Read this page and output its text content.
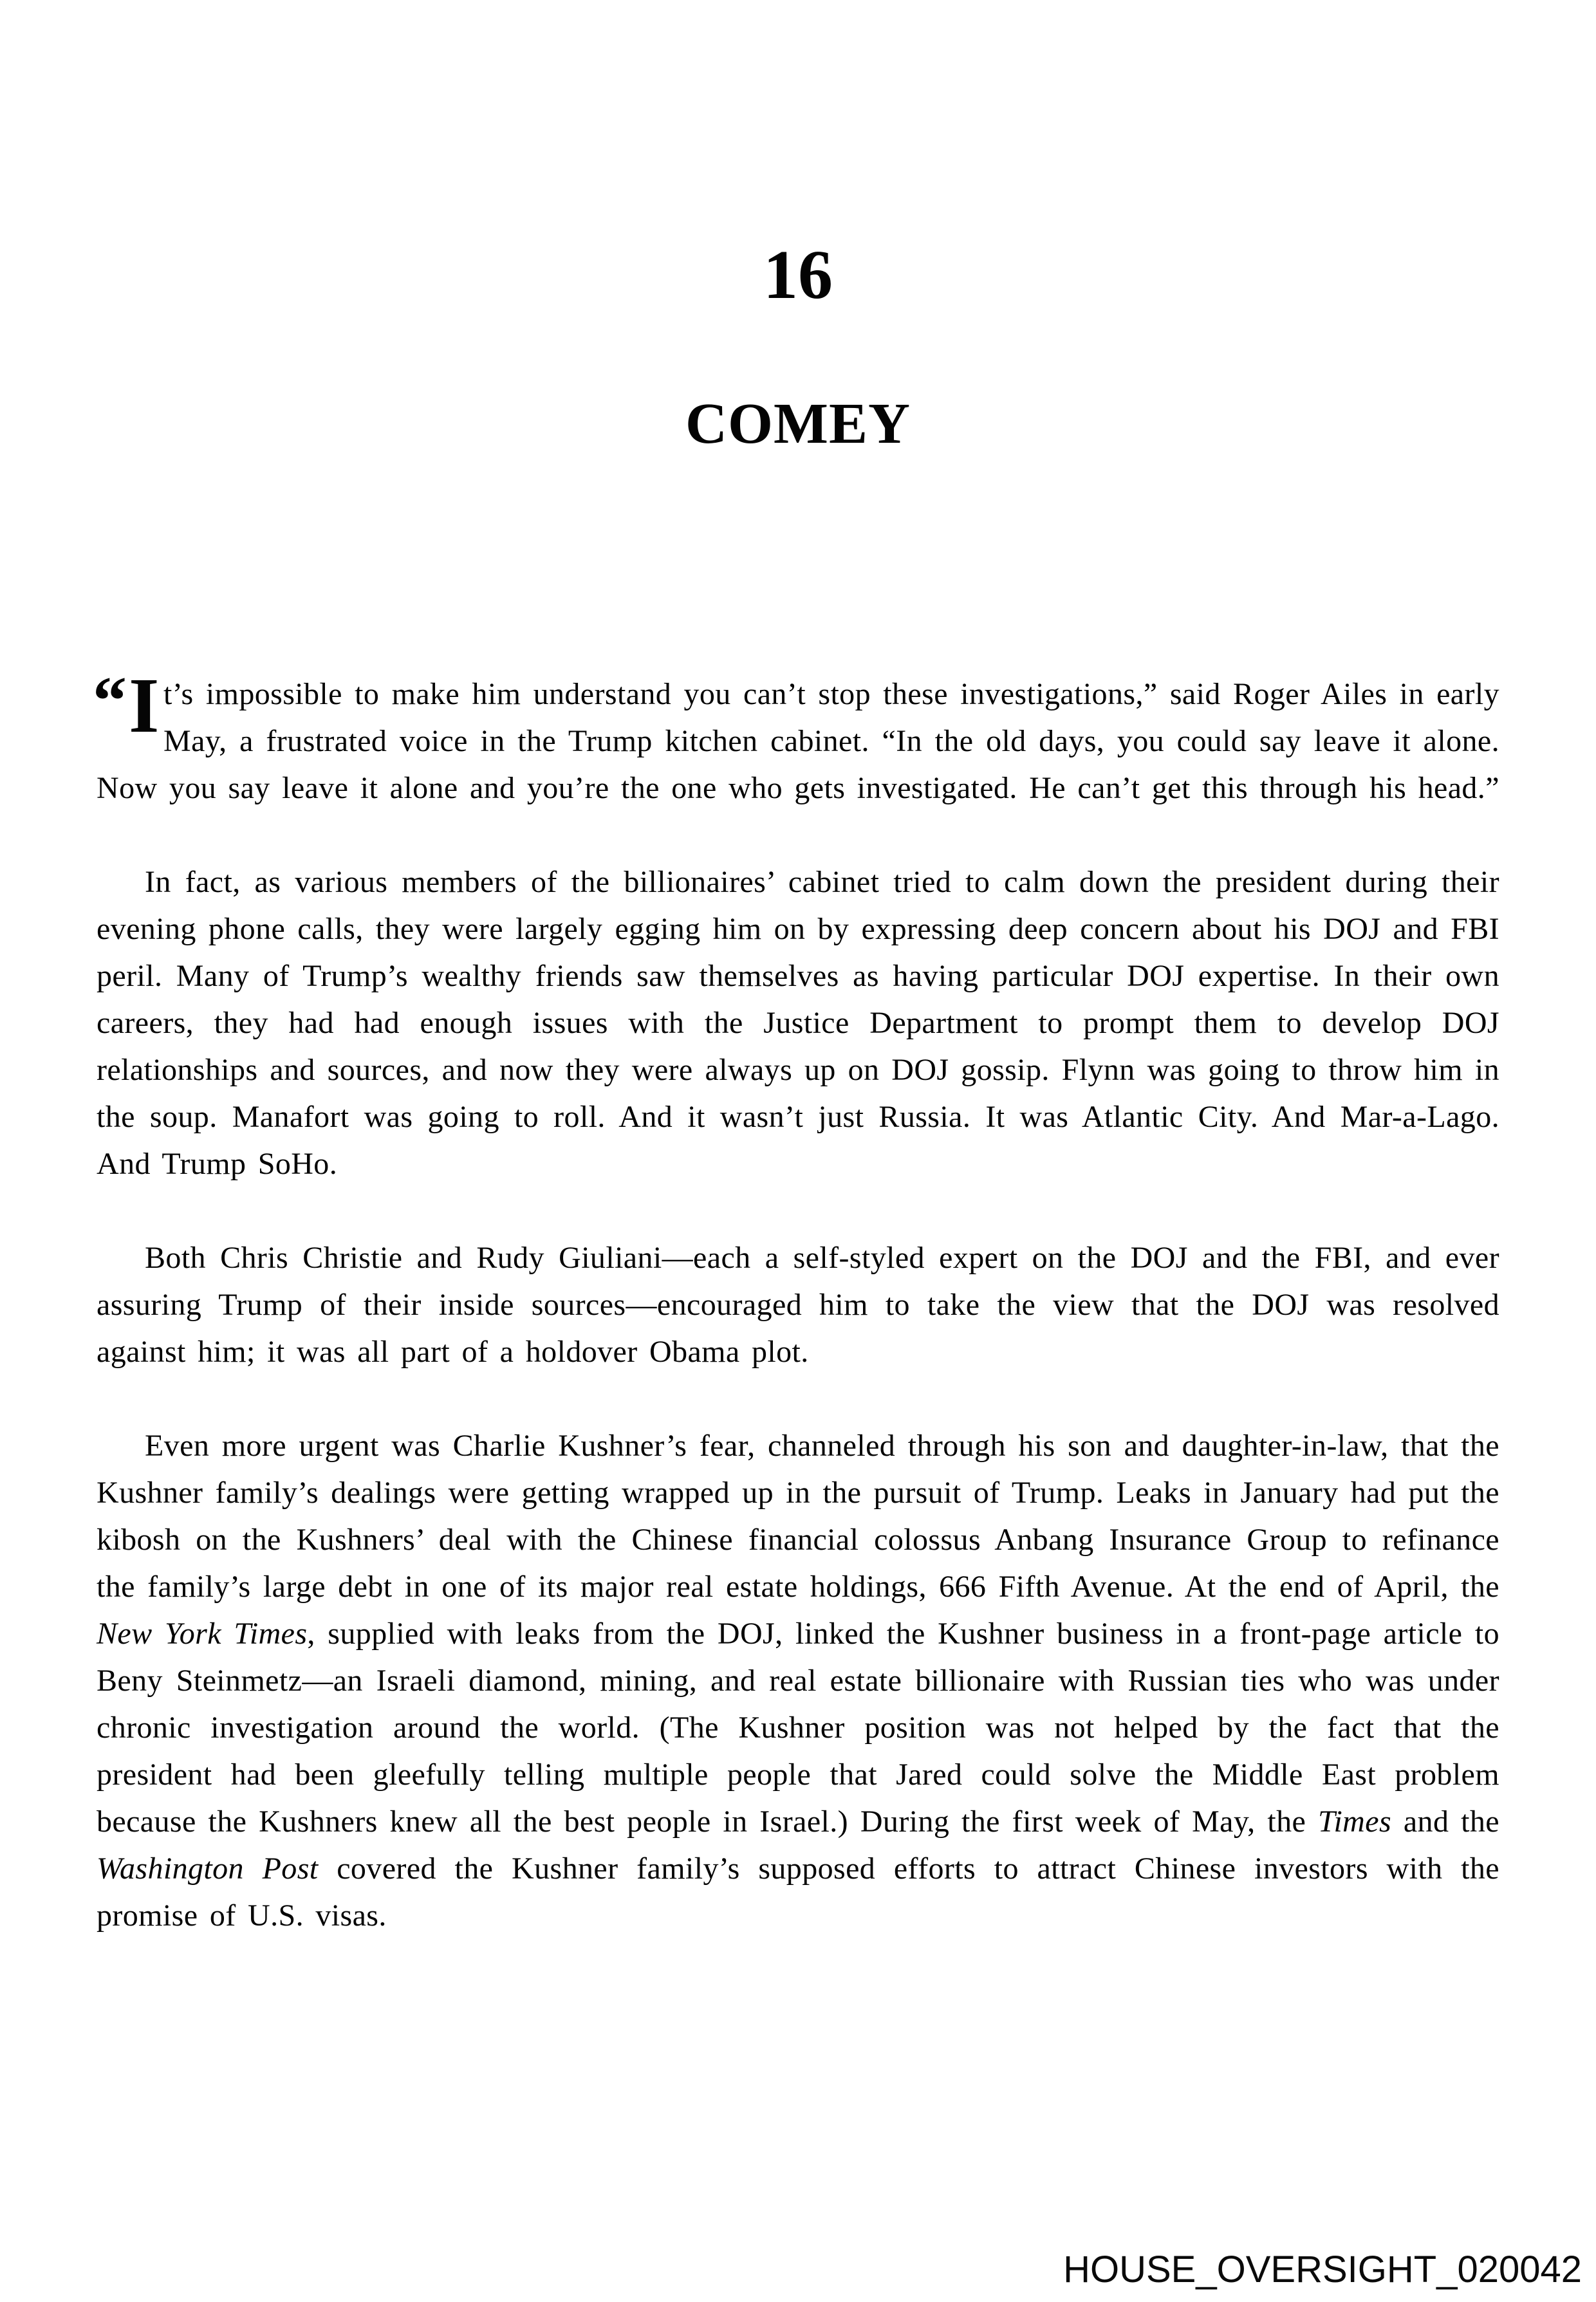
16
COMEY

“ I t’s impossible to make him understand you can’t stop these investigations,” said Roger Ailes in early May, a frustrated voice in the Trump kitchen cabinet. “In the old days, you could say leave it alone. Now you say leave it alone and you’re the one who gets investigated. He can’t get this through his head.”

In fact, as various members of the billionaires’ cabinet tried to calm down the president during their evening phone calls, they were largely egging him on by expressing deep concern about his DOJ and FBI peril. Many of Trump’s wealthy friends saw themselves as having particular DOJ expertise. In their own careers, they had had enough issues with the Justice Department to prompt them to develop DOJ relationships and sources, and now they were always up on DOJ gossip. Flynn was going to throw him in the soup. Manafort was going to roll. And it wasn’t just Russia. It was Atlantic City. And Mar-a-Lago. And Trump SoHo.

Both Chris Christie and Rudy Giuliani—each a self-styled expert on the DOJ and the FBI, and ever assuring Trump of their inside sources—encouraged him to take the view that the DOJ was resolved against him; it was all part of a holdover Obama plot.

Even more urgent was Charlie Kushner’s fear, channeled through his son and daughter-in-law, that the Kushner family’s dealings were getting wrapped up in the pursuit of Trump. Leaks in January had put the kibosh on the Kushners’ deal with the Chinese financial colossus Anbang Insurance Group to refinance the family’s large debt in one of its major real estate holdings, 666 Fifth Avenue. At the end of April, the New York Times, supplied with leaks from the DOJ, linked the Kushner business in a front-page article to Beny Steinmetz—an Israeli diamond, mining, and real estate billionaire with Russian ties who was under chronic investigation around the world. (The Kushner position was not helped by the fact that the president had been gleefully telling multiple people that Jared could solve the Middle East problem because the Kushners knew all the best people in Israel.) During the first week of May, the Times and the Washington Post covered the Kushner family’s supposed efforts to attract Chinese investors with the promise of U.S. visas.

HOUSE_OVERSIGHT_020042
